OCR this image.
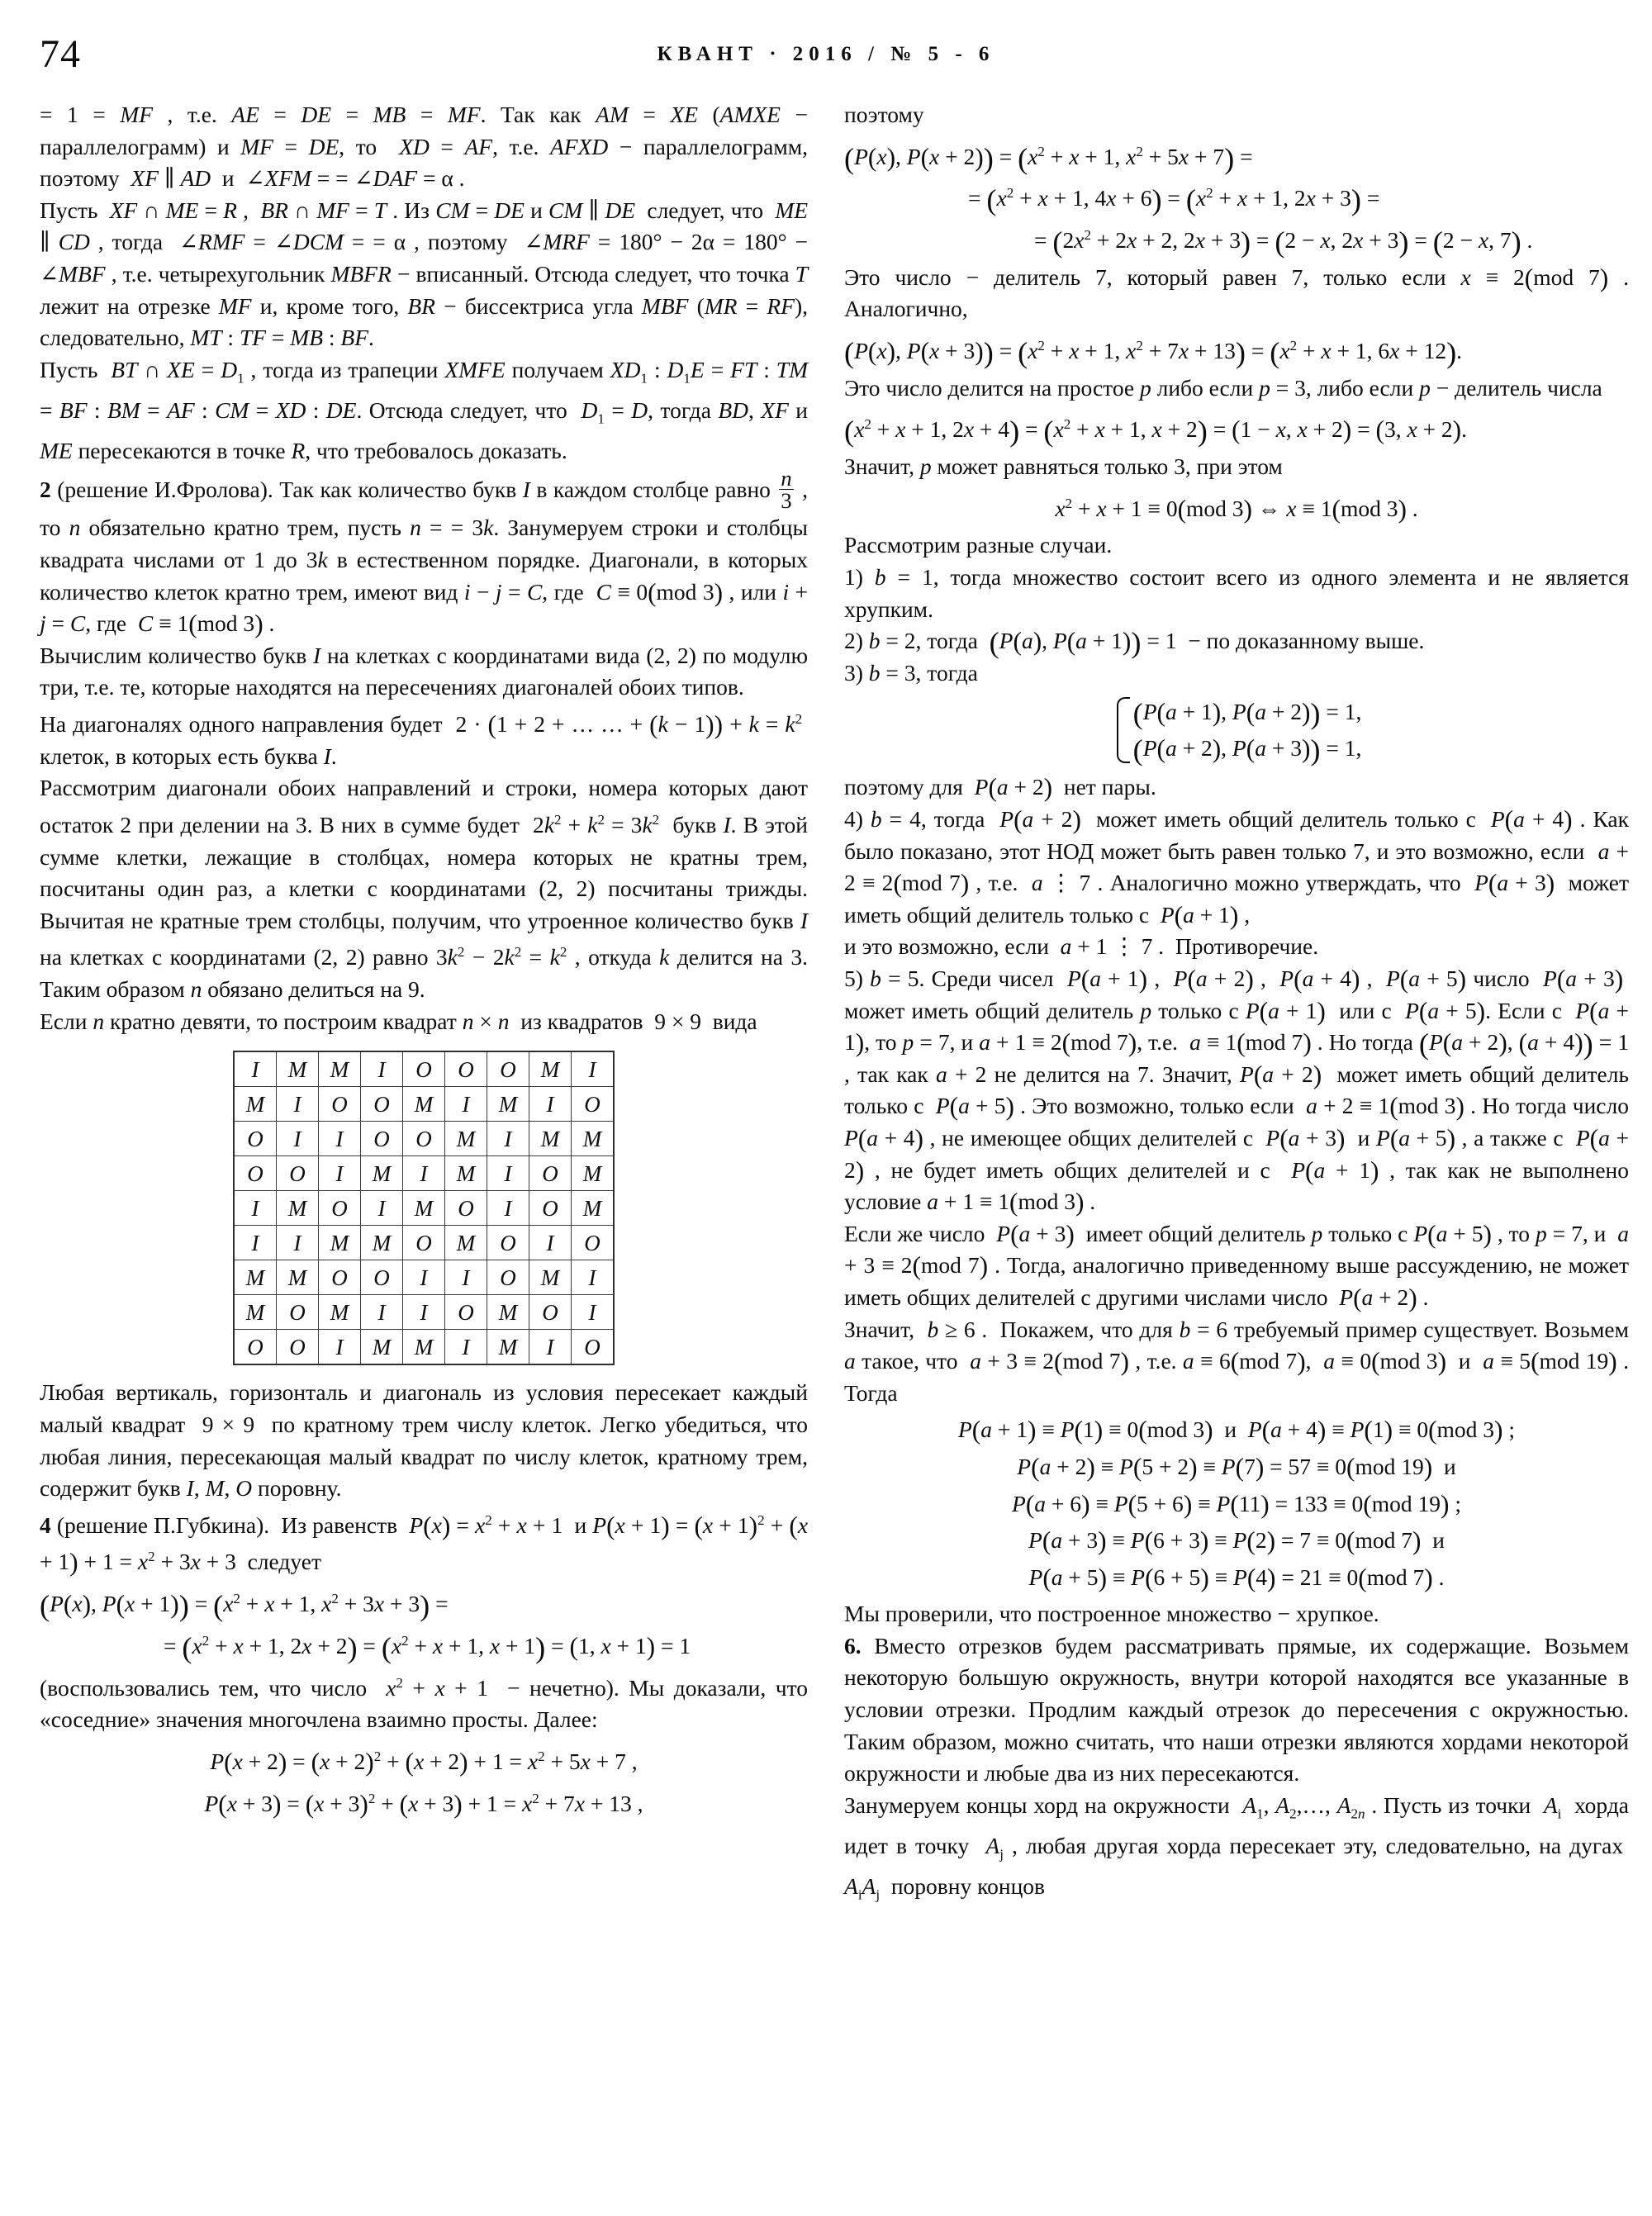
74	КВАНТ · 2016 / № 5 - 6

= 1 = MF , т.е. AE = DE = MB = MF. Так как AM = XE (AMXE − параллелограмм) и MF = DE, то  XD = AF, т.е. AFXD − параллелограмм, поэтому  XF ∥ AD  и  ∠XFM = = ∠DAF = α .

Пусть  XF ∩ ME = R ,  BR ∩ MF = T . Из CM = DE и CM ∥ DE  следует, что  ME ∥ CD , тогда  ∠RMF = ∠DCM = = α , поэтому  ∠MRF = 180° − 2α = 180° − ∠MBF , т.е. четырехугольник MBFR − вписанный. Отсюда следует, что точка T лежит на отрезке MF и, кроме того, BR − биссектриса угла MBF (MR = RF), следовательно, MT : TF = MB : BF.

Пусть  BT ∩ XE = $D_1$ , тогда из трапеции XMFE получаем $XD_1$ : $D_1E$ = FT : TM = BF : BM = AF : CM = XD : DE. Отсюда следует, что  $D_1 = D$, тогда BD, XF и ME пересекаются в точке R, что требовалось доказать.

2 (решение И.Фролова). Так как количество букв I в каждом столбце равно $\frac{n}{3}$ , то n обязательно кратно трем, пусть n = = 3k. Занумеруем строки и столбцы квадрата числами от 1 до 3k в естественном порядке. Диагонали, в которых количество клеток кратно трем, имеют вид i − j = C, где  C ≡ 0(mod 3) , или i + j = C, где  C ≡ 1(mod 3) .

Вычислим количество букв I на клетках с координатами вида (2, 2) по модулю три, т.е. те, которые находятся на пересечениях диагоналей обоих типов.

На диагоналях одного направления будет  2 · (1 + 2 + … … + $(k - 1)) + k = k^2$  клеток, в которых есть буква I.

Рассмотрим диагонали обоих направлений и строки, номера которых дают остаток 2 при делении на 3. В них в сумме будет  $2k^2 + k^2 = 3k^2$  букв I. В этой сумме клетки, лежащие в столбцах, номера которых не кратны трем, посчитаны один раз, а клетки с координатами (2, 2) посчитаны трижды. Вычитая не кратные трем столбцы, получим, что утроенное количество букв I на клетках с координатами (2, 2) равно $3k^2 - 2k^2 = k^2$ , откуда k делится на 3. Таким образом n обязано делиться на 9.

Если n кратно девяти, то построим квадрат n × n  из квадратов  9 × 9  вида

I	M	M	I	O	O	O	M	I
M	I	O	O	M	I	M	I	O
O	I	I	O	O	M	I	M	M
O	O	I	M	I	M	I	O	M
I	M	O	I	M	O	I	O	M
I	I	M	M	O	M	O	I	O
M	M	O	O	I	I	O	M	I
M	O	M	I	I	O	M	O	I
O	O	I	M	M	I	M	I	O

Любая вертикаль, горизонталь и диагональ из условия пересекает каждый малый квадрат  9 × 9  по кратному трем числу клеток. Легко убедиться, что любая линия, пересекающая малый квадрат по числу клеток, кратному трем, содержит букв I, M, O поровну.

4 (решение П.Губкина).  Из равенств  $P(x) = x^2 + x + 1$  и $P(x + 1) = (x + 1)^2 + (x + 1) + 1 = x^2 + 3x + 3$  следует

(P(x), $P(x + 1)) = (x^2 + x + 1$, $x^2 + 3x + 3$) =
= ($x^2 + x + 1$, $2x + 2) = (x^2 + x + 1$, x + 1) = (1, x + 1) = 1

(воспользовались тем, что число  $x^2 + x + 1$  − нечетно). Мы доказали, что «соседние» значения многочлена взаимно просты. Далее:

$P(x + 2) = (x + 2)^2 + (x + 2) + 1 = x^2 + 5x + 7$ ,
$P(x + 3) = (x + 3)^2 + (x + 3) + 1 = x^2 + 7x + 13$ ,

поэтому

(P(x), $P(x + 2)) = (x^2 + x + 1$, $x^2 + 5x + 7$) =
= ($x^2 + x + 1$, $4x + 6) = (x^2 + x + 1$, 2x + 3) =
= ($2x^2 + 2x + 2$, 2x + 3) = (2 − x, 2x + 3) = (2 − x, 7) .

Это число − делитель 7, который равен 7, только если x ≡ 2(mod 7) . Аналогично,

(P(x), $P(x + 3)) = (x^2 + x + 1$, $x^2 + 7x + 13) = (x^2 + x + 1$, 6x + 12).

Это число делится на простое p либо если p = 3, либо если p − делитель числа

($x^2 + x + 1$, $2x + 4) = (x^2 + x + 1$, x + 2) = (1 − x, x + 2) = (3, x + 2).

Значит, p может равняться только 3, при этом

$x^2 + x + 1 \equiv 0(mod$ 3) ⇔ x ≡ 1(mod 3) .

Рассмотрим разные случаи.

1) b = 1, тогда множество состоит всего из одного элемента и не является хрупким.

2) b = 2, тогда  (P(a), P(a + 1)) = 1  − по доказанному выше.

3) b = 3, тогда

(P(a + 1), P(a + 2)) = 1,
(P(a + 2), P(a + 3)) = 1,

поэтому для  P(a + 2)  нет пары.

4) b = 4, тогда  P(a + 2)  может иметь общий делитель только с  P(a + 4) . Как было показано, этот НОД может быть равен только 7, и это возможно, если  a + 2 ≡ 2(mod 7) , т.е.  a ⋮ 7 . Аналогично можно утверждать, что  P(a + 3)  может иметь общий делитель только с  P(a + 1) ,

и это возможно, если  a + 1 ⋮ 7 .  Противоречие.

5) b = 5. Среди чисел  P(a + 1) ,  P(a + 2) ,  P(a + 4) ,  P(a + 5) число  P(a + 3)  может иметь общий делитель p только с P(a + 1)  или с  P(a + 5). Если с  P(a + 1), то p = 7, и a + 1 ≡ 2(mod 7), т.е.  a ≡ 1(mod 7) . Но тогда (P(a + 2), (a + 4)) = 1 , так как a + 2 не делится на 7. Значит, P(a + 2)  может иметь общий делитель только с  P(a + 5) . Это возможно, только если  a + 2 ≡ 1(mod 3) . Но тогда число P(a + 4) , не имеющее общих делителей с  P(a + 3)  и P(a + 5) , а также с  P(a + 2) , не будет иметь общих делителей и с  P(a + 1) , так как не выполнено условие a + 1 ≡ 1(mod 3) .

Если же число  P(a + 3)  имеет общий делитель p только с P(a + 5) , то p = 7, и  a + 3 ≡ 2(mod 7) . Тогда, аналогично приведенному выше рассуждению, не может иметь общих делителей с другими числами число  P(a + 2) .

Значит,  b ≥ 6 .  Покажем, что для b = 6 требуемый пример существует. Возьмем a такое, что  a + 3 ≡ 2(mod 7) , т.е. a ≡ 6(mod 7),  a ≡ 0(mod 3)  и  a ≡ 5(mod 19) . Тогда

P(a + 1) ≡ P(1) ≡ 0(mod 3)  и  P(a + 4) ≡ P(1) ≡ 0(mod 3) ;
P(a + 2) ≡ P(5 + 2) ≡ P(7) = 57 ≡ 0(mod 19)  и
P(a + 6) ≡ P(5 + 6) ≡ P(11) = 133 ≡ 0(mod 19) ;
P(a + 3) ≡ P(6 + 3) ≡ P(2) = 7 ≡ 0(mod 7)  и
P(a + 5) ≡ P(6 + 5) ≡ P(4) = 21 ≡ 0(mod 7) .

Мы проверили, что построенное множество − хрупкое.

6. Вместо отрезков будем рассматривать прямые, их содержащие. Возьмем некоторую большую окружность, внутри которой находятся все указанные в условии отрезки. Продлим каждый отрезок до пересечения с окружностью. Таким образом, можно считать, что наши отрезки являются хордами некоторой окружности и любые два из них пересекаются.

Занумеруем концы хорд на окружности  $A_1$, $A_2,\dots$, $A_{2n}$ . Пусть из точки  $A_i$  хорда идет в точку  $A_j$ , любая другая хорда пересекает эту, следовательно, на дугах  $A_iA_j$  поровну концов
